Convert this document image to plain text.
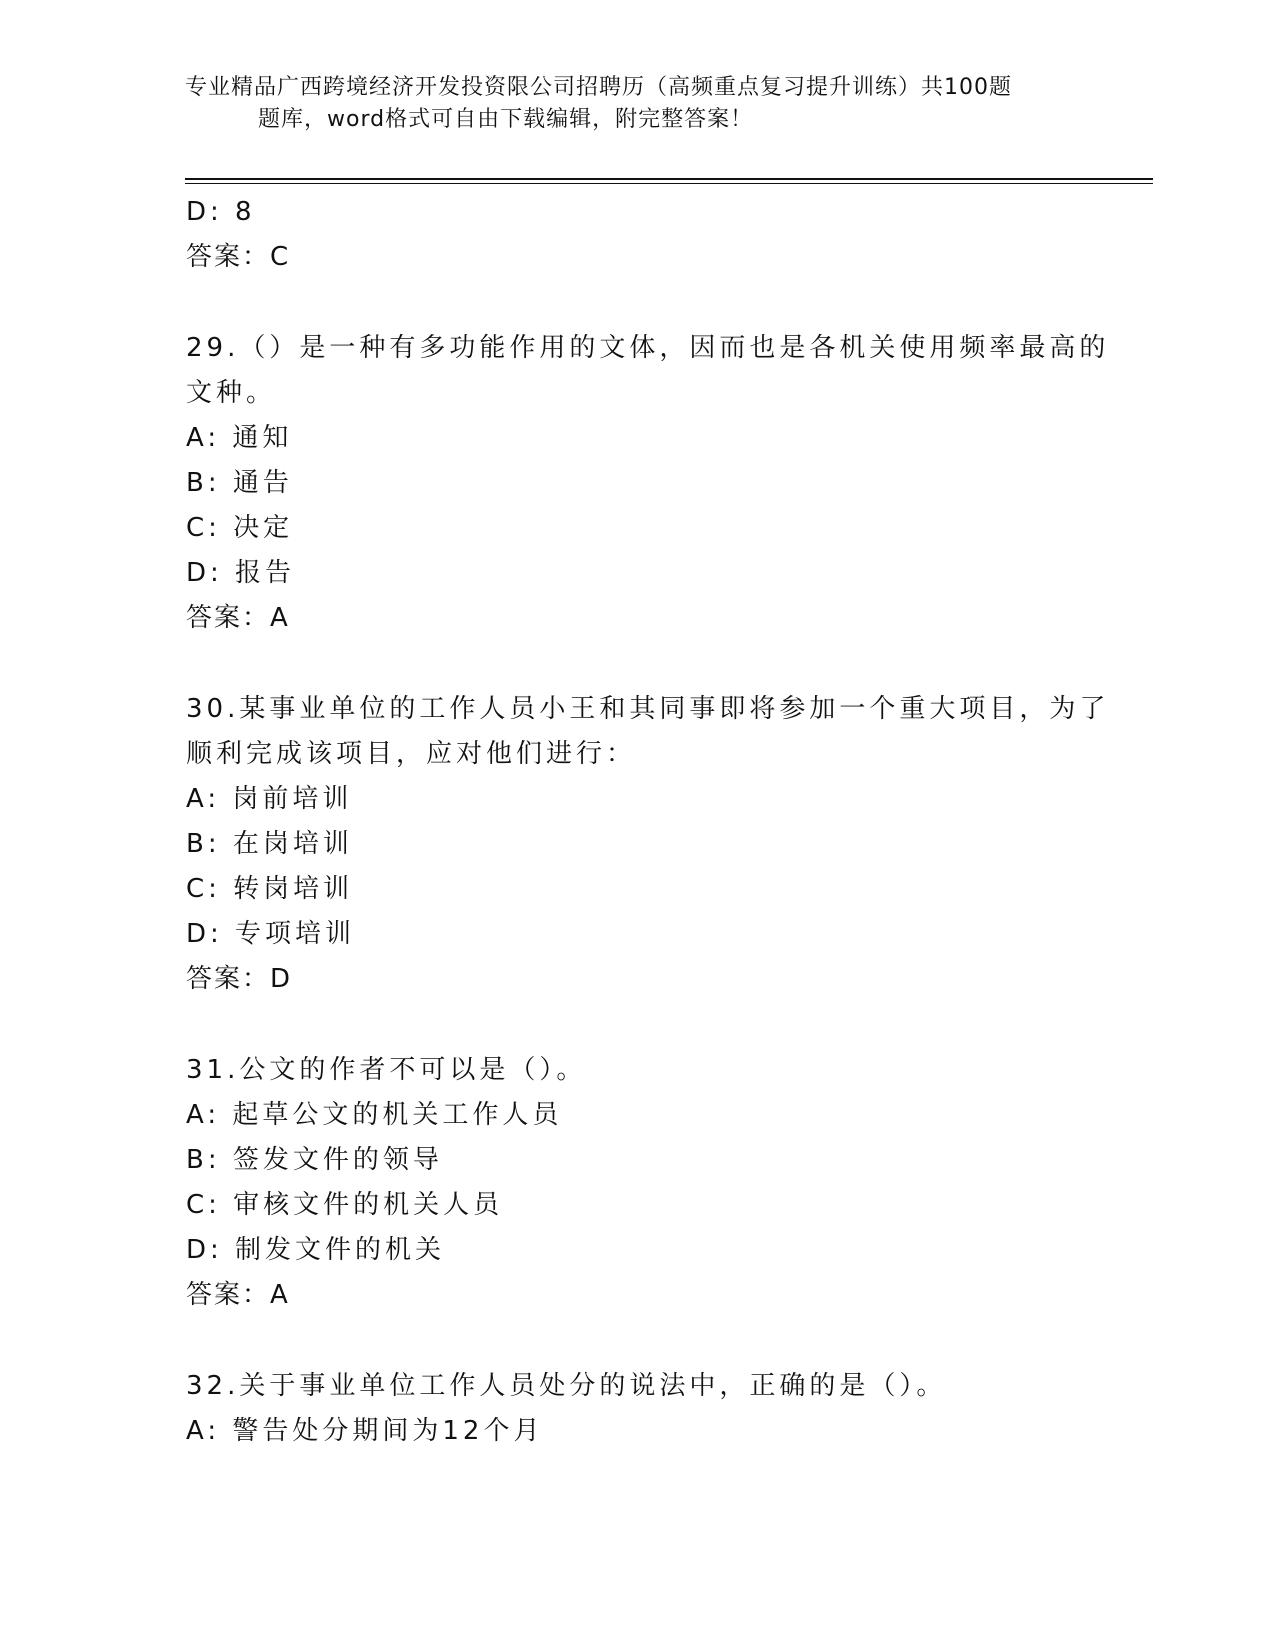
专业精品广西跨境经济开发投资限公司招聘历（高频重点复习提升训练）共100题
题库，word格式可自由下载编辑，附完整答案！
D: 8
答案：C
29.（）是一种有多功能作用的文体，因而也是各机关使用频率最高的
文种。
A: 通知
B: 通告
C: 决定
D: 报告
答案：A
30.某事业单位的工作人员小王和其同事即将参加一个重大项目，为了
顺利完成该项目，应对他们进行：
A: 岗前培训
B: 在岗培训
C: 转岗培训
D: 专项培训
答案：D
31.公文的作者不可以是（）。
A: 起草公文的机关工作人员
B: 签发文件的领导
C: 审核文件的机关人员
D: 制发文件的机关
答案：A
32.关于事业单位工作人员处分的说法中，正确的是（）。
A: 警告处分期间为12个月
